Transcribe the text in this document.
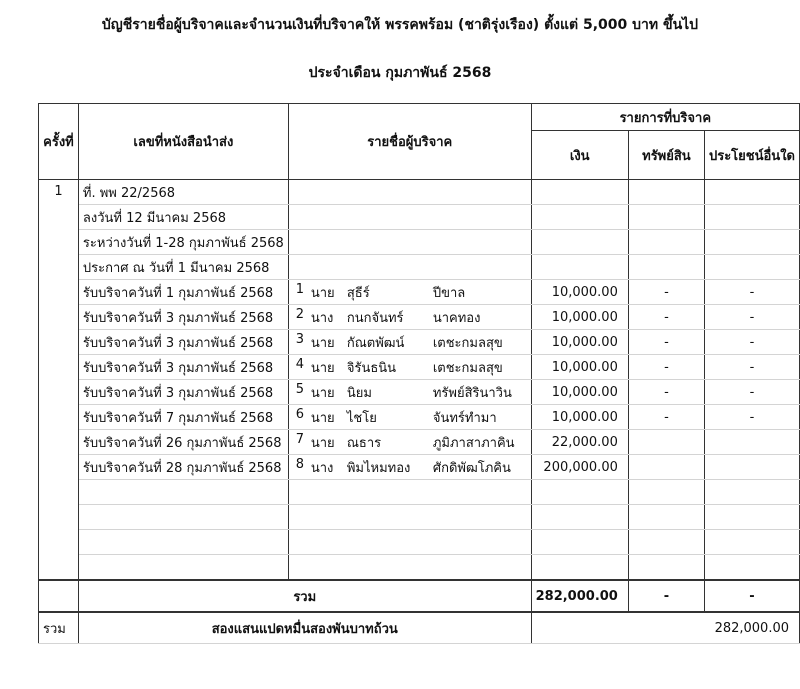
บัญชีรายชื่อผู้บริจาคและจำนวนเงินที่บริจาคให้ พรรคพร้อม (ชาติรุ่งเรือง) ตั้งแต่ 5,000 บาท ขึ้นไป
ประจำเดือน กุมภาพันธ์ 2568
ครั้งที่	เลขที่หนังสือนำส่ง	รายชื่อผู้บริจาค	รายการที่บริจาค		
			เงิน	ทรัพย์สิน	ประโยชน์อื่นใด
1	ที่. พพ 22/2568				
	ลงวันที่ 12 มีนาคม 2568				
	ระหว่างวันที่ 1-28 กุมภาพันธ์ 2568				
	ประกาศ ณ วันที่ 1 มีนาคม 2568				
	รับบริจาควันที่ 1 กุมภาพันธ์ 2568	1 นาย สุธีร์ ปีขาล	10,000.00	-	-
	รับบริจาควันที่ 3 กุมภาพันธ์ 2568	2 นาง กนกจันทร์ นาคทอง	10,000.00	-	-
	รับบริจาควันที่ 3 กุมภาพันธ์ 2568	3 นาย กัณตพัฒน์ เตชะกมลสุข	10,000.00	-	-
	รับบริจาควันที่ 3 กุมภาพันธ์ 2568	4 นาย จิรันธนิน เตชะกมลสุข	10,000.00	-	-
	รับบริจาควันที่ 3 กุมภาพันธ์ 2568	5 นาย นิยม ทรัพย์สิรินาวิน	10,000.00	-	-
	รับบริจาควันที่ 7 กุมภาพันธ์ 2568	6 นาย ไชโย จันทร์ทำมา	10,000.00	-	-
	รับบริจาควันที่ 26 กุมภาพันธ์ 2568	7 นาย ณธาร ภูมิภาสาภาคิน	22,000.00		
	รับบริจาควันที่ 28 กุมภาพันธ์ 2568	8 นาง พิมไหมทอง ศักดิพัฒโภคิน	200,000.00		

	รวม		282,000.00	-	-
รวม	สองแสนแปดหมื่นสองพันบาทถ้วน		282,000.00		
